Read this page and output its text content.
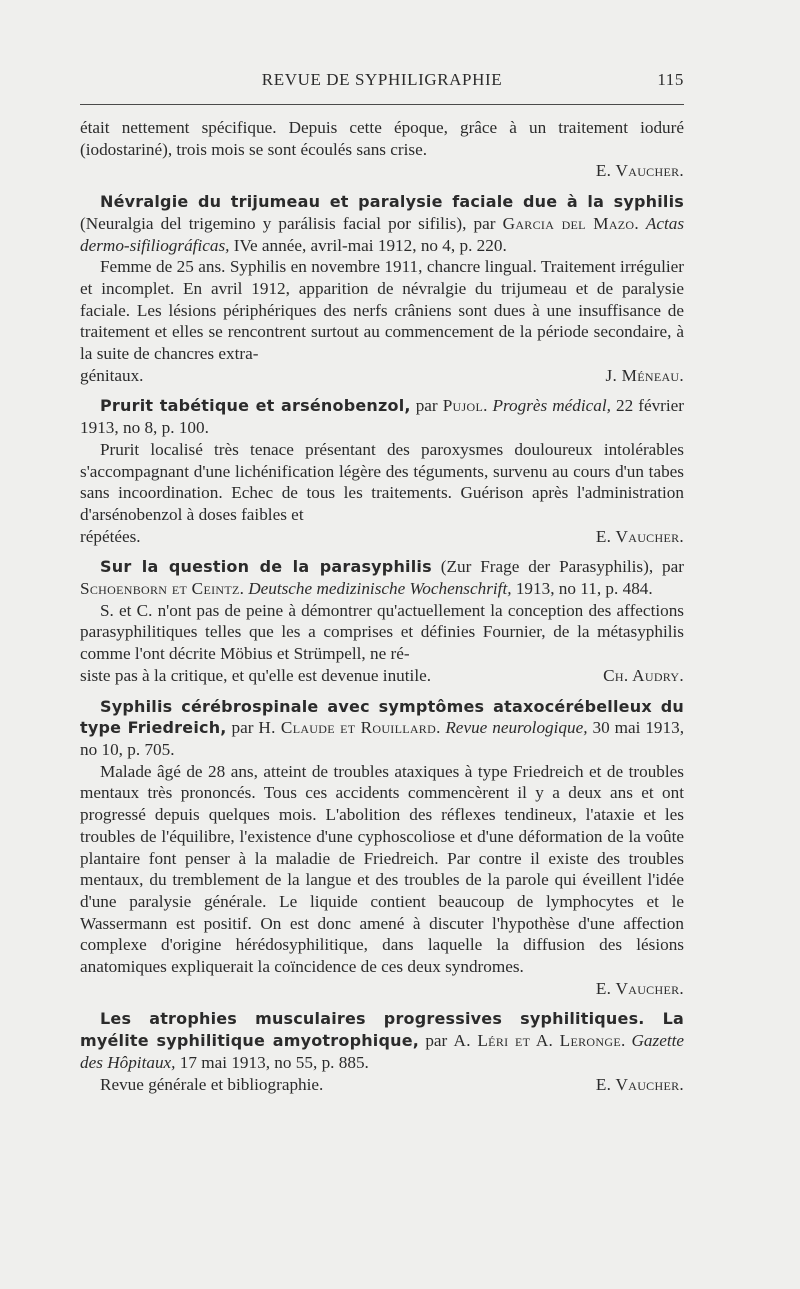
REVUE DE SYPHILIGRAPHIE	115

était nettement spécifique. Depuis cette époque, grâce à un traitement ioduré (iodostariné), trois mois se sont écoulés sans crise.

E. Vaucher.

Névralgie du trijumeau et paralysie faciale due à la syphilis (Neuralgia del trigemino y parálisis facial por sifilis), par Garcia del Mazo. Actas dermo-sifiliográficas, IVe année, avril-mai 1912, no 4, p. 220.

Femme de 25 ans. Syphilis en novembre 1911, chancre lingual. Traitement irrégulier et incomplet. En avril 1912, apparition de névralgie du trijumeau et de paralysie faciale. Les lésions périphériques des nerfs crâniens sont dues à une insuffisance de traitement et elles se rencontrent surtout au commencement de la période secondaire, à la suite de chancres extra-

génitaux.	J. Méneau.

Prurit tabétique et arsénobenzol, par Pujol. Progrès médical, 22 février 1913, no 8, p. 100.

Prurit localisé très tenace présentant des paroxysmes douloureux intolérables s'accompagnant d'une lichénification légère des téguments, survenu au cours d'un tabes sans incoordination. Echec de tous les traitements. Guérison après l'administration d'arsénobenzol à doses faibles et

répétées.	E. Vaucher.

Sur la question de la parasyphilis (Zur Frage der Parasyphilis), par Schoenborn et Ceintz. Deutsche medizinische Wochenschrift, 1913, no 11, p. 484.

S. et C. n'ont pas de peine à démontrer qu'actuellement la conception des affections parasyphilitiques telles que les a comprises et définies Fournier, de la métasyphilis comme l'ont décrite Möbius et Strümpell, ne ré-

siste pas à la critique, et qu'elle est devenue inutile.	Ch. Audry.

Syphilis cérébrospinale avec symptômes ataxocérébelleux du type Friedreich, par H. Claude et Rouillard. Revue neurologique, 30 mai 1913, no 10, p. 705.

Malade âgé de 28 ans, atteint de troubles ataxiques à type Friedreich et de troubles mentaux très prononcés. Tous ces accidents commencèrent il y a deux ans et ont progressé depuis quelques mois. L'abolition des réflexes tendineux, l'ataxie et les troubles de l'équilibre, l'existence d'une cyphoscoliose et d'une déformation de la voûte plantaire font penser à la maladie de Friedreich. Par contre il existe des troubles mentaux, du tremblement de la langue et des troubles de la parole qui éveillent l'idée d'une paralysie générale. Le liquide contient beaucoup de lymphocytes et le Wassermann est positif. On est donc amené à discuter l'hypothèse d'une affection complexe d'origine hérédosyphilitique, dans laquelle la diffusion des lésions anatomiques expliquerait la coïncidence de ces deux syndromes.

E. Vaucher.

Les atrophies musculaires progressives syphilitiques. La myélite syphilitique amyotrophique, par A. Léri et A. Leronge. Gazette des Hôpitaux, 17 mai 1913, no 55, p. 885.

Revue générale et bibliographie.	E. Vaucher.
